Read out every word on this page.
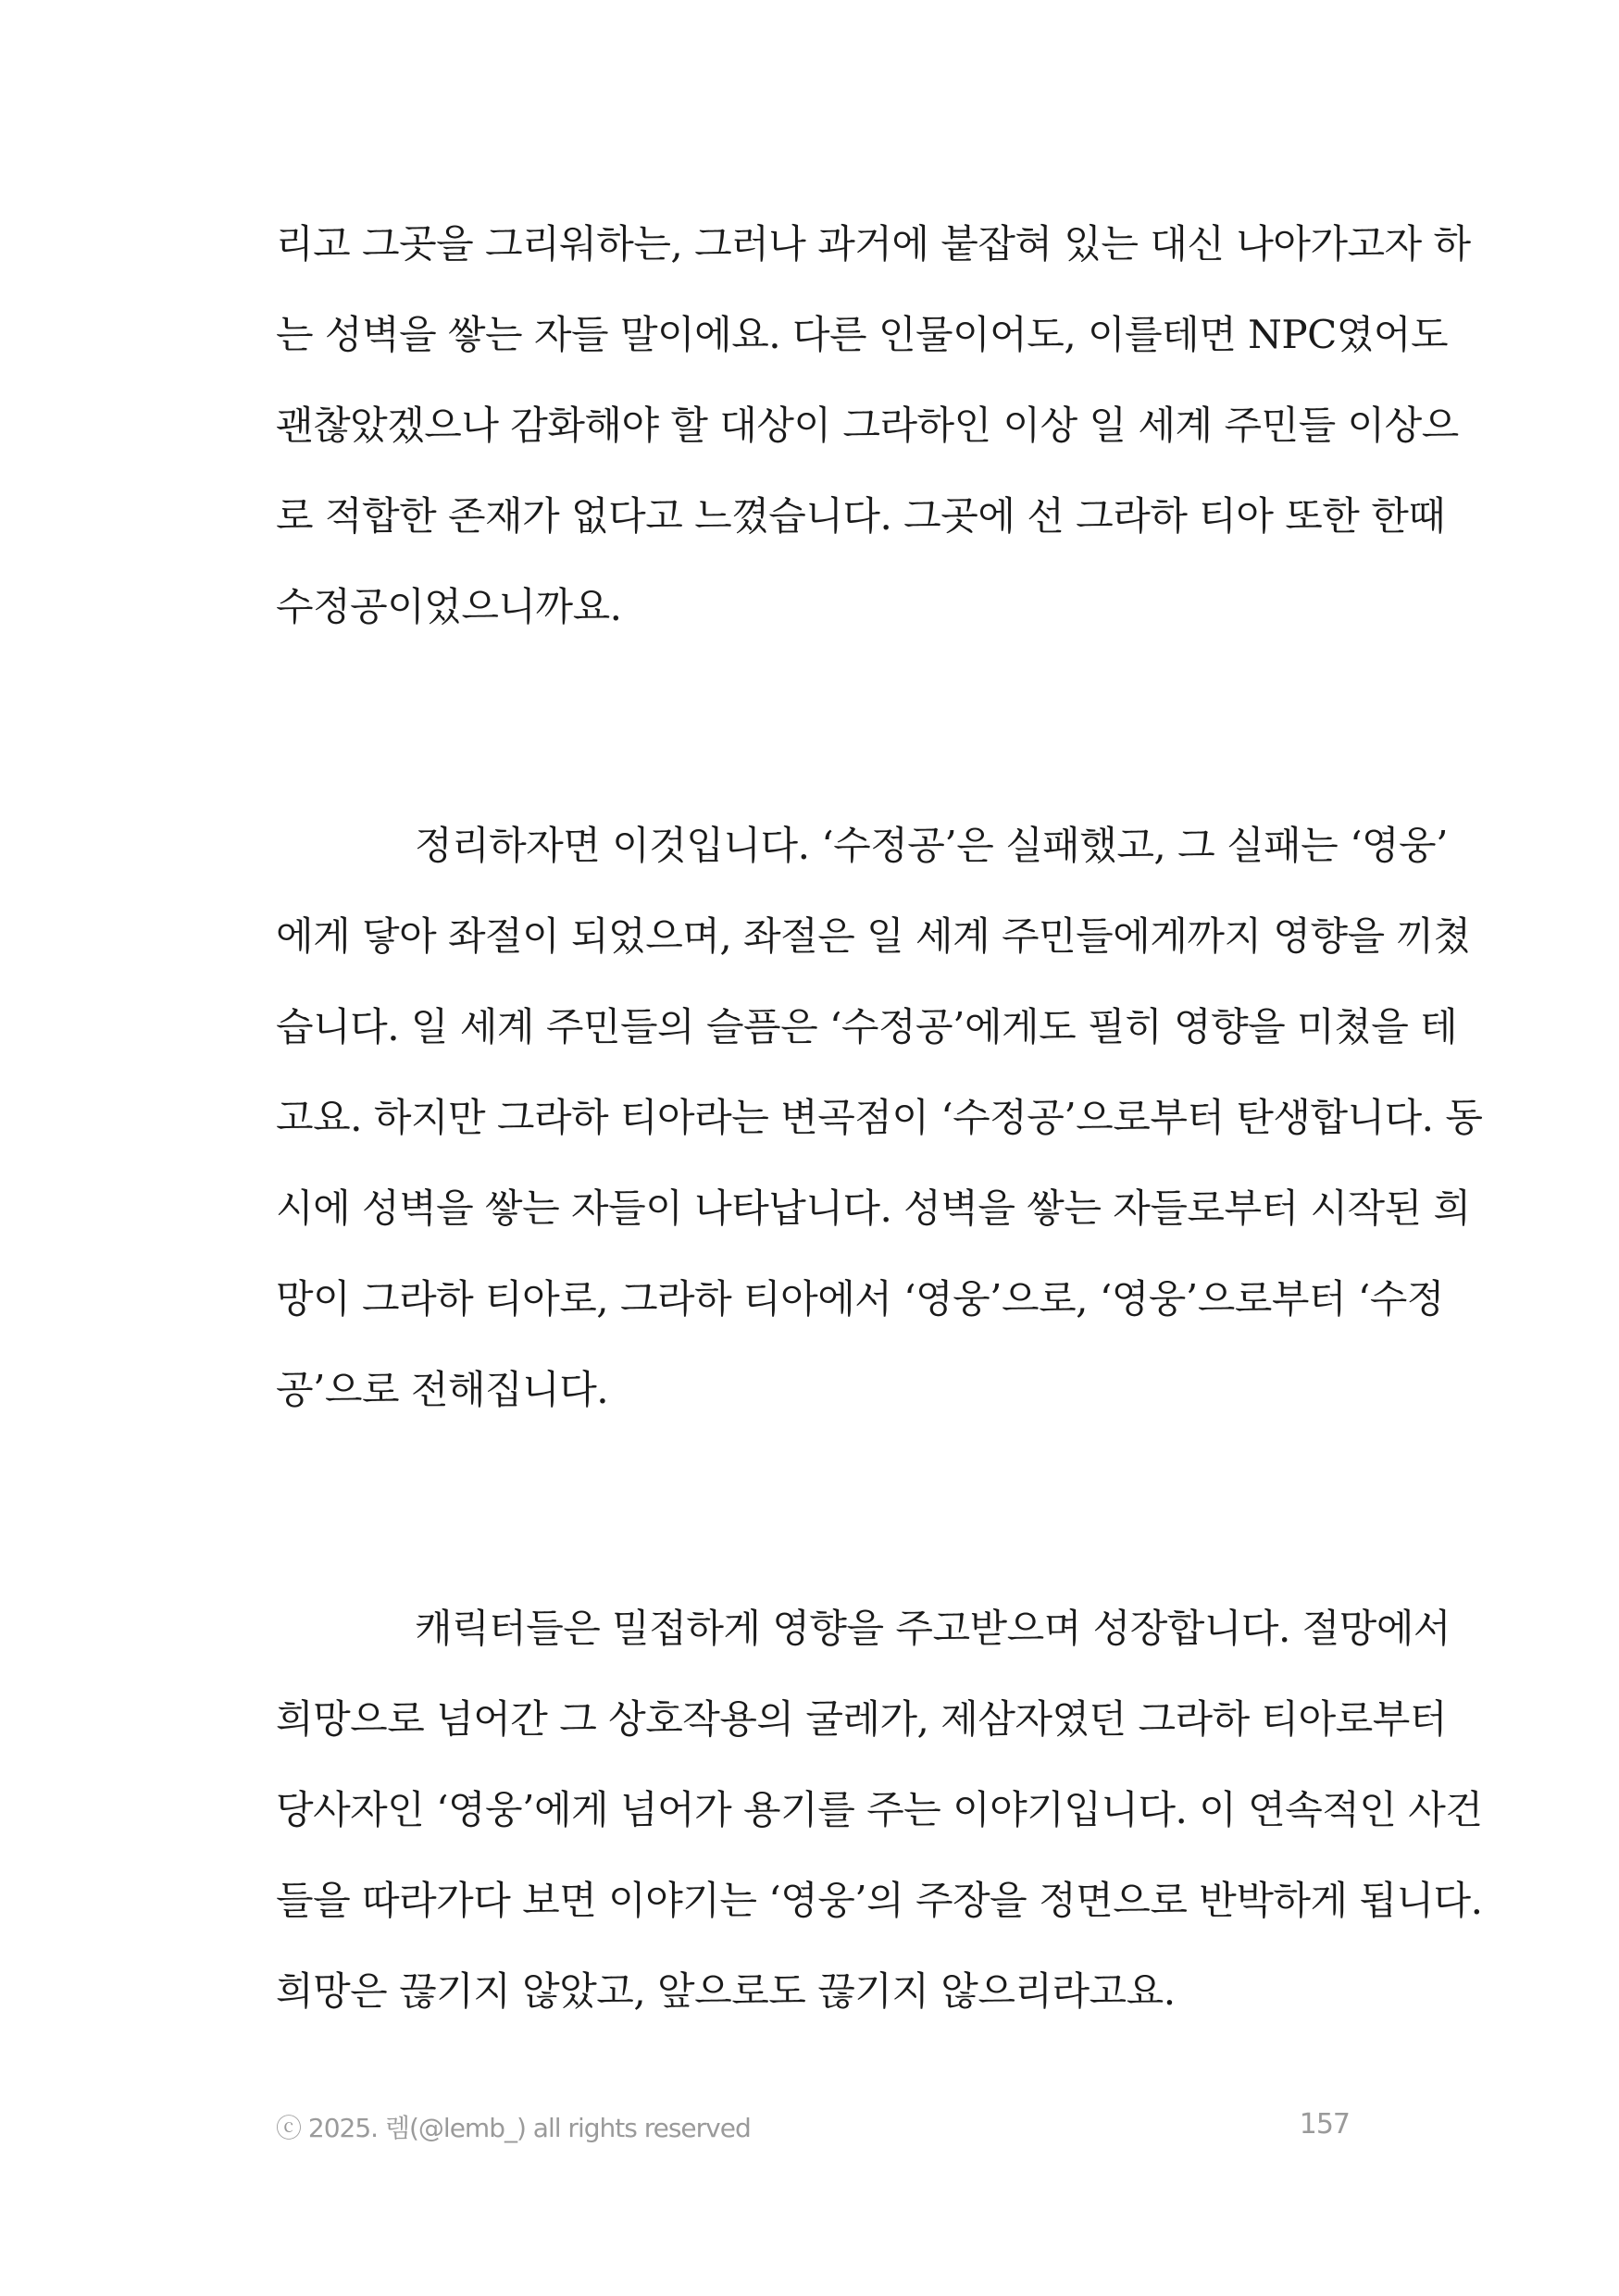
리고 그곳을 그리워하는, 그러나 과거에 붙잡혀 있는 대신 나아가고자 하
는 성벽을 쌓는 자들 말이에요. 다른 인물이어도, 이를테면 NPC였어도
괜찮았겠으나 감화해야 할 대상이 그라하인 이상 일 세계 주민들 이상으
로 적합한 존재가 없다고 느꼈습니다. 그곳에 선 그라하 티아 또한 한때
수정공이었으니까요.
정리하자면 이것입니다. ‘수정공’은 실패했고, 그 실패는 ‘영웅’
에게 닿아 좌절이 되었으며, 좌절은 일 세계 주민들에게까지 영향을 끼쳤
습니다. 일 세계 주민들의 슬픔은 ‘수정공’에게도 필히 영향을 미쳤을 테
고요. 하지만 그라하 티아라는 변곡점이 ‘수정공’으로부터 탄생합니다. 동
시에 성벽을 쌓는 자들이 나타납니다. 성벽을 쌓는 자들로부터 시작된 희
망이 그라하 티아로, 그라하 티아에서 ‘영웅’으로, ‘영웅’으로부터 ‘수정
공’으로 전해집니다.
캐릭터들은 밀접하게 영향을 주고받으며 성장합니다. 절망에서
희망으로 넘어간 그 상호작용의 굴레가, 제삼자였던 그라하 티아로부터
당사자인 ‘영웅’에게 넘어가 용기를 주는 이야기입니다. 이 연속적인 사건
들을 따라가다 보면 이야기는 ‘영웅’의 주장을 정면으로 반박하게 됩니다.
희망은 끊기지 않았고, 앞으로도 끊기지 않으리라고요.
ⓒ 2025. 렘(@lemb_) all rights reserved	157
